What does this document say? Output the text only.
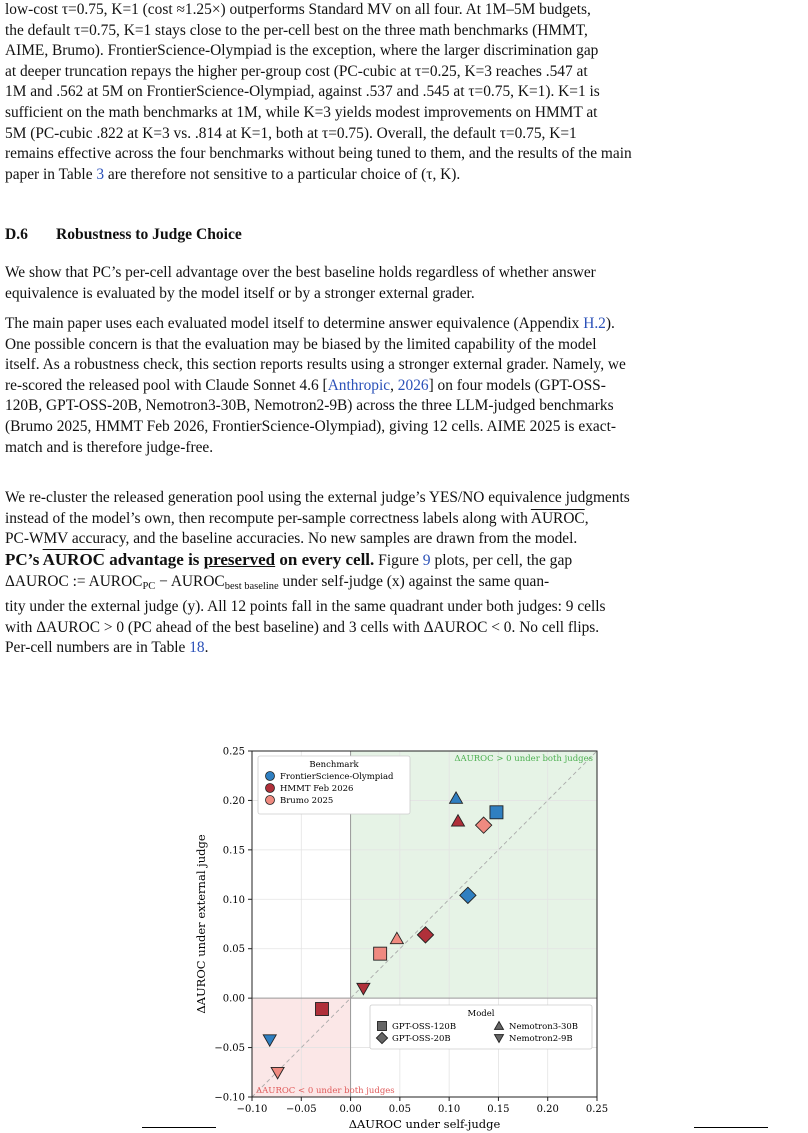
low-cost τ=0.75, K=1 (cost ≈1.25×) outperforms Standard MV on all four. At 1M–5M budgets,

the default τ=0.75, K=1 stays close to the per-cell best on the three math benchmarks (HMMT,

AIME, Brumo). FrontierScience-Olympiad is the exception, where the larger discrimination gap

at deeper truncation repays the higher per-group cost (PC-cubic at τ=0.25, K=3 reaches .547 at

1M and .562 at 5M on FrontierScience-Olympiad, against .537 and .545 at τ=0.75, K=1). K=1 is

sufficient on the math benchmarks at 1M, while K=3 yields modest improvements on HMMT at

5M (PC-cubic .822 at K=3 vs. .814 at K=1, both at τ=0.75). Overall, the default τ=0.75, K=1

remains effective across the four benchmarks without being tuned to them, and the results of the main

paper in Table 3 are therefore not sensitive to a particular choice of (τ, K).

D.6 Robustness to Judge Choice

We show that PC’s per-cell advantage over the best baseline holds regardless of whether answer

equivalence is evaluated by the model itself or by a stronger external grader.

The main paper uses each evaluated model itself to determine answer equivalence (Appendix H.2).

One possible concern is that the evaluation may be biased by the limited capability of the model

itself. As a robustness check, this section reports results using a stronger external grader. Namely, we

re-scored the released pool with Claude Sonnet 4.6 [Anthropic, 2026] on four models (GPT-OSS-

120B, GPT-OSS-20B, Nemotron3-30B, Nemotron2-9B) across the three LLM-judged benchmarks

(Brumo 2025, HMMT Feb 2026, FrontierScience-Olympiad), giving 12 cells. AIME 2025 is exact-

match and is therefore judge-free.

We re-cluster the released generation pool using the external judge’s YES/NO equivalence judgments

instead of the model’s own, then recompute per-sample correctness labels along with AUROC,

PC-WMV accuracy, and the baseline accuracies. No new samples are drawn from the model.

PC’s AUROC advantage is preserved on every cell. Figure 9 plots, per cell, the gap

ΔAUROC := $AUROC_{PC}$ − $AUROC_{best baseline}$ under self-judge (x) against the same quan-

tity under the external judge (y). All 12 points fall in the same quadrant under both judges: 9 cells

with ΔAUROC > 0 (PC ahead of the best baseline) and 3 cells with ΔAUROC < 0. No cell flips.

Per-cell numbers are in Table 18.

−0.10 −0.05 0.00	0.05	0.10	0.15	0.20	0.25
−0.10
−0.05
0.00
0.05
0.10
0.15
0.20
0.25
Benchmark
FrontierScience-Olympiad
HMMT Feb 2026
Brumo 2025
Model
GPT-OSS-120B
GPT-OSS-20B
Nemotron3-30B
Nemotron2-9B
ΔAUROC under self-judge
ΔAUROC under external judge
ΔAUROC > 0 under both judges
ΔAUROC < 0 under both judges
